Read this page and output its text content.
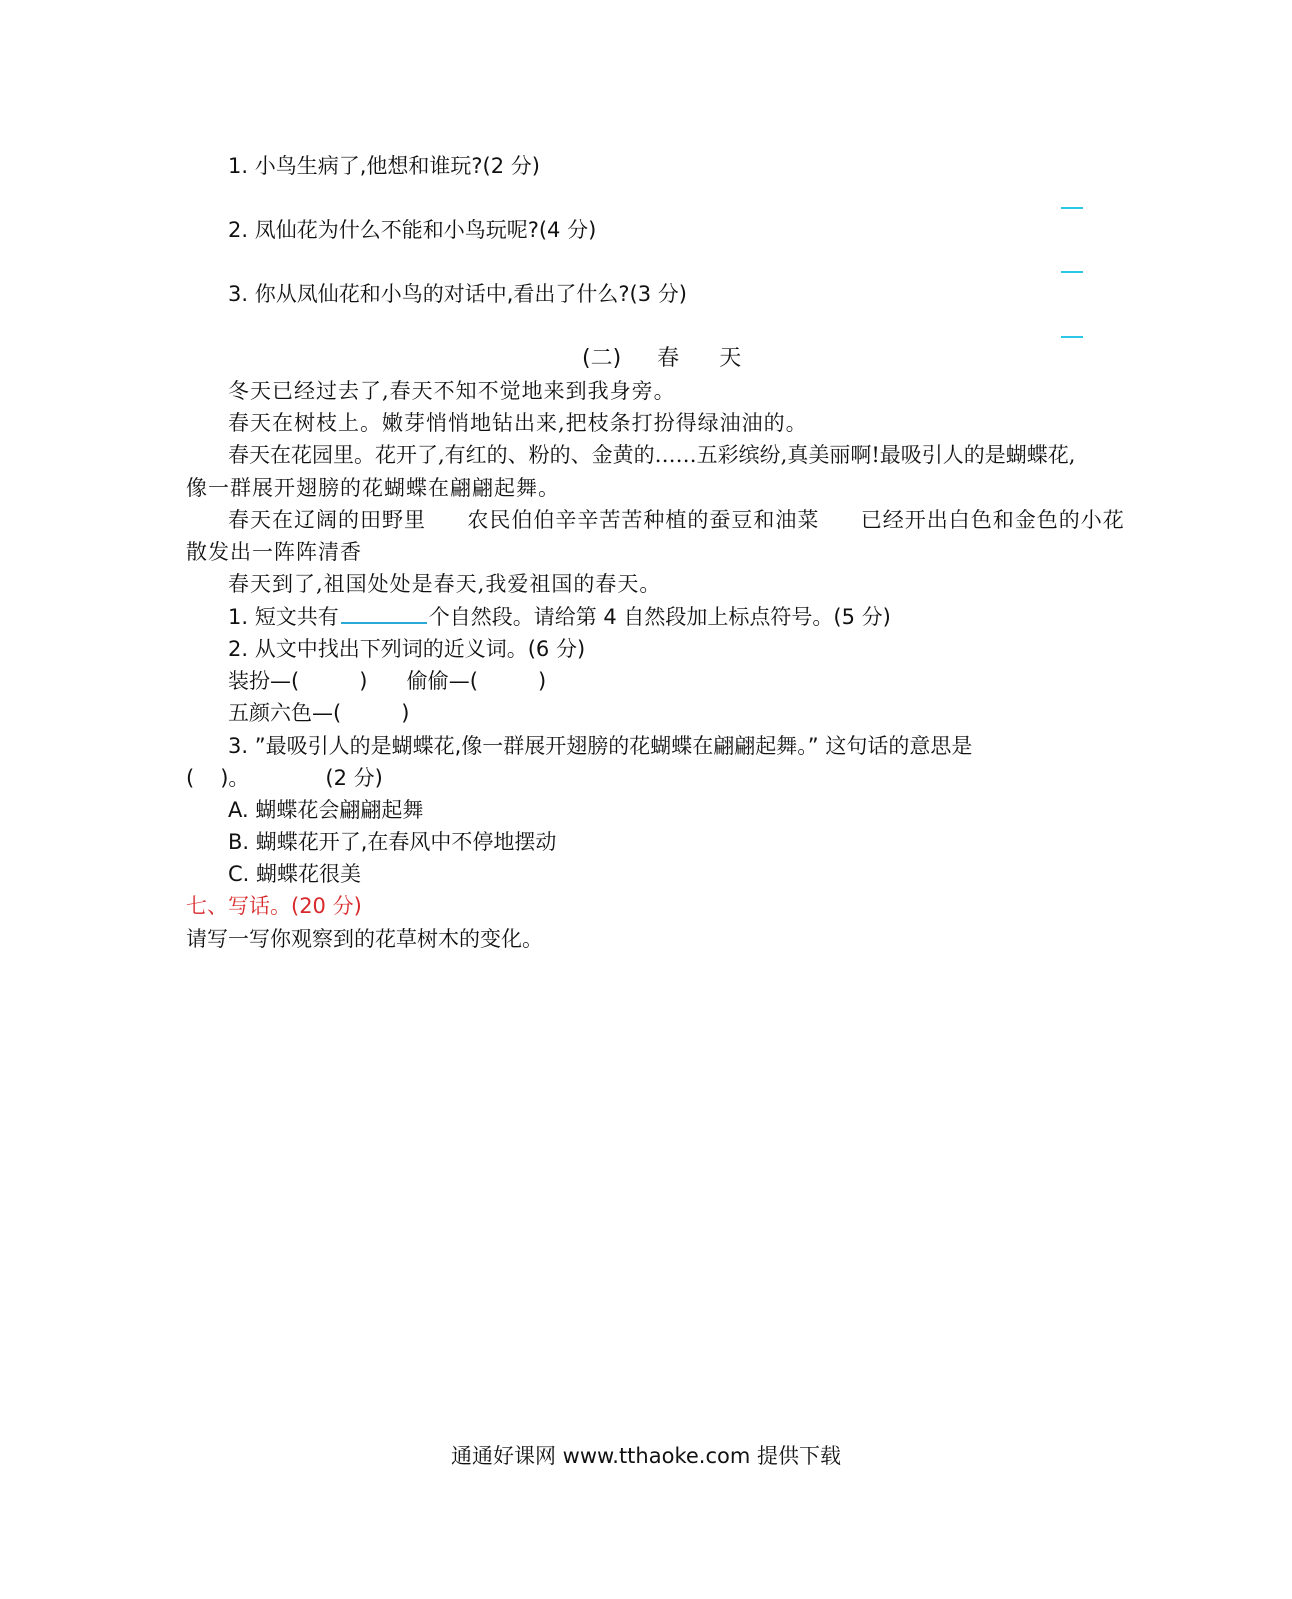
1. 小鸟生病了,他想和谁玩?(2 分)
2. 凤仙花为什么不能和小鸟玩呢?(4 分)
3. 你从凤仙花和小鸟的对话中,看出了什么?(3 分)
(二) 春 天
冬天已经过去了,春天不知不觉地来到我身旁。
春天在树枝上。嫩芽悄悄地钻出来,把枝条打扮得绿油油的。
春天在花园里。花开了,有红的、粉的、金黄的……五彩缤纷,真美丽啊!最吸引人的是蝴蝶花,
像一群展开翅膀的花蝴蝶在翩翩起舞。
春天在辽阔的田野里 农民伯伯辛辛苦苦种植的蚕豆和油菜 已经开出白色和金色的小花
散发出一阵阵清香
春天到了,祖国处处是春天,我爱祖国的春天。
1. 短文共有	个自然段。请给第 4 自然段加上标点符号。(5 分)
2. 从文中找出下列词的近义词。(6 分)
装扮—(	) 偷偷—(	)
五颜六色—(	)
3. ”最吸引人的是蝴蝶花,像一群展开翅膀的花蝴蝶在翩翩起舞。” 这句话的意思是
( )。	(2 分)
A. 蝴蝶花会翩翩起舞
B. 蝴蝶花开了,在春风中不停地摆动
C. 蝴蝶花很美
七、写话。(20 分)
请写一写你观察到的花草树木的变化。
通通好课网 www.tthaoke.com 提供下载
